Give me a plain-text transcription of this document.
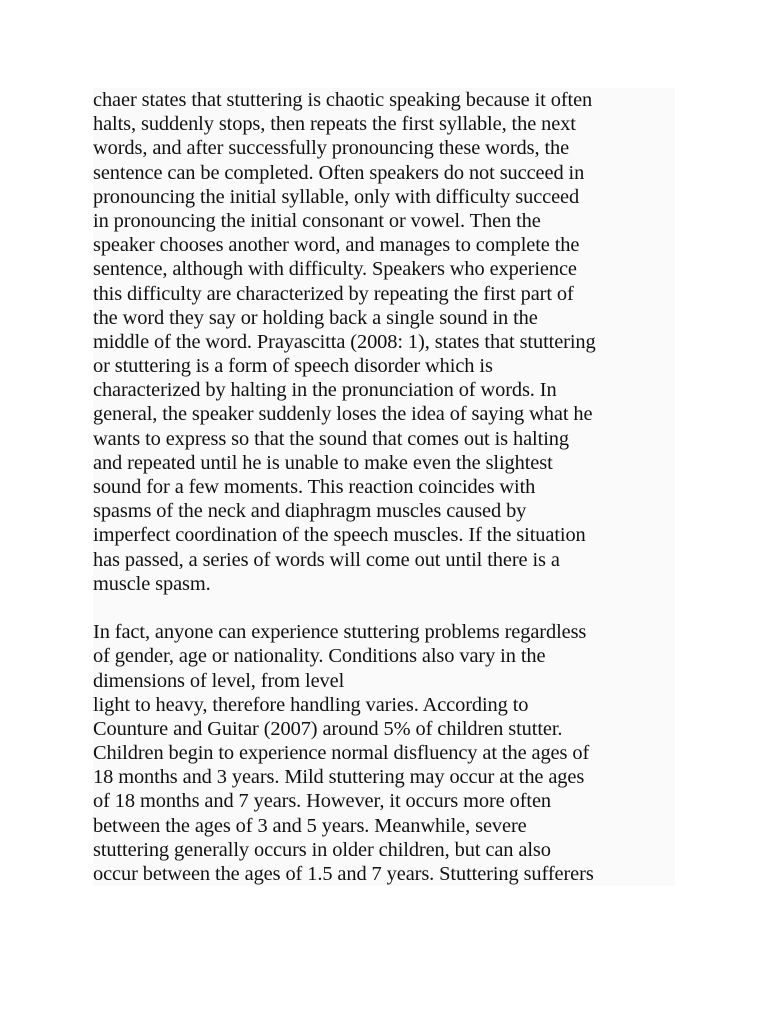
chaer states that stuttering is chaotic speaking because it often
halts, suddenly stops, then repeats the first syllable, the next
words, and after successfully pronouncing these words, the
sentence can be completed. Often speakers do not succeed in
pronouncing the initial syllable, only with difficulty succeed
in pronouncing the initial consonant or vowel. Then the
speaker chooses another word, and manages to complete the
sentence, although with difficulty. Speakers who experience
this difficulty are characterized by repeating the first part of
the word they say or holding back a single sound in the
middle of the word. Prayascitta (2008: 1), states that stuttering
or stuttering is a form of speech disorder which is
characterized by halting in the pronunciation of words. In
general, the speaker suddenly loses the idea of saying what he
wants to express so that the sound that comes out is halting
and repeated until he is unable to make even the slightest
sound for a few moments. This reaction coincides with
spasms of the neck and diaphragm muscles caused by
imperfect coordination of the speech muscles. If the situation
has passed, a series of words will come out until there is a
muscle spasm.

In fact, anyone can experience stuttering problems regardless
of gender, age or nationality. Conditions also vary in the
dimensions of level, from level
light to heavy, therefore handling varies. According to
Counture and Guitar (2007) around 5% of children stutter.
Children begin to experience normal disfluency at the ages of
18 months and 3 years. Mild stuttering may occur at the ages
of 18 months and 7 years. However, it occurs more often
between the ages of 3 and 5 years. Meanwhile, severe
stuttering generally occurs in older children, but can also
occur between the ages of 1.5 and 7 years. Stuttering sufferers
